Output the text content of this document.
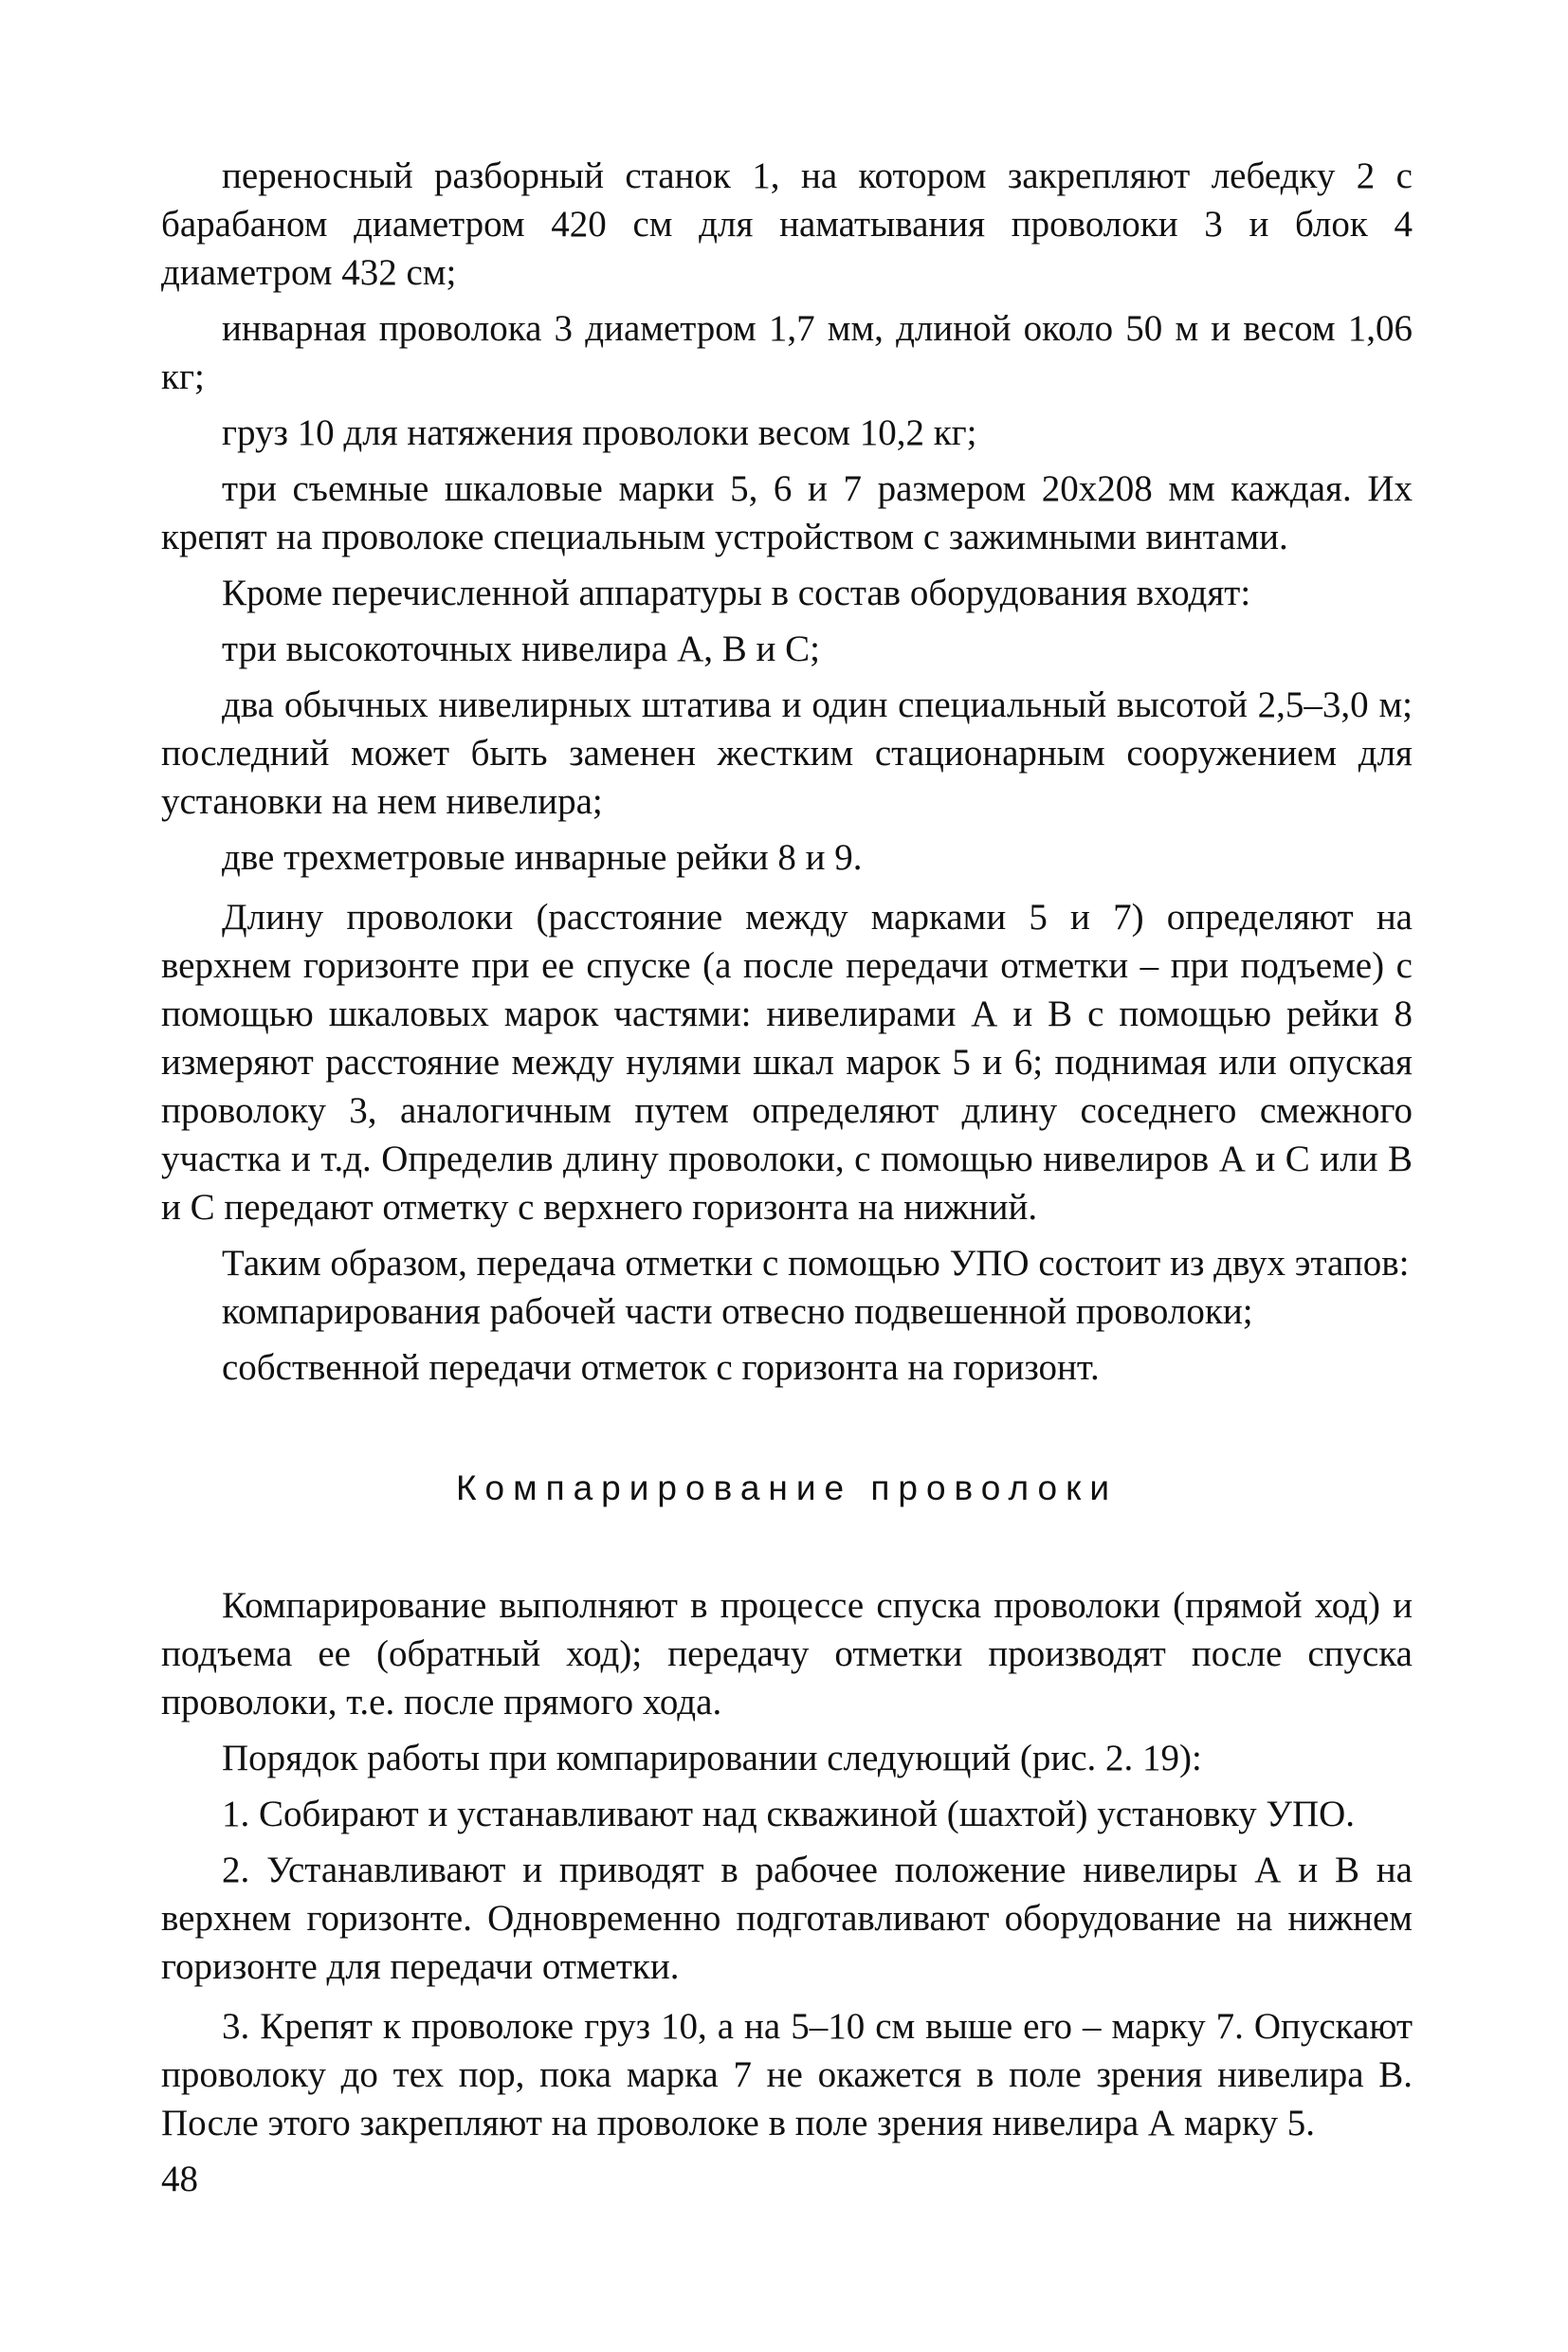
переносный разборный станок 1, на котором закрепляют лебедку 2 с барабаном диаметром 420 см для наматывания проволоки 3 и блок 4 диаметром 432 см;

инварная проволока 3 диаметром 1,7 мм, длиной около 50 м и весом 1,06 кг;

груз 10 для натяжения проволоки весом 10,2 кг;

три съемные шкаловые марки 5, 6 и 7 размером 20х208 мм каждая. Их крепят на проволоке специальным устройством с зажимными винтами.

Кроме перечисленной аппаратуры в состав оборудования входят:

три высокоточных нивелира А, В и С;

два обычных нивелирных штатива и один специальный высотой 2,5–3,0 м; последний может быть заменен жестким стационарным сооружением для установки на нем нивелира;

две трехметровые инварные рейки 8 и 9.

Длину проволоки (расстояние между марками 5 и 7) определяют на верхнем горизонте при ее спуске (а после передачи отметки – при подъеме) с помощью шкаловых марок частями: нивелирами А и В с помощью рейки 8 измеряют расстояние между нулями шкал марок 5 и 6; поднимая или опуская проволоку 3, аналогичным путем определяют длину соседнего смежного участка и т.д. Определив длину проволоки, с помощью нивелиров А и С или В и С передают отметку с верхнего горизонта на нижний.

Таким образом, передача отметки с помощью УПО состоит из двух этапов:

компарирования рабочей части отвесно подвешенной проволоки;

собственной передачи отметок с горизонта на горизонт.

Компарирование проволоки

Компарирование выполняют в процессе спуска проволоки (прямой ход) и подъема ее (обратный ход); передачу отметки производят после спуска проволоки, т.е. после прямого хода.

Порядок работы при компарировании следующий (рис. 2. 19):

1. Собирают и устанавливают над скважиной (шахтой) установку УПО.

2. Устанавливают и приводят в рабочее положение нивелиры А и В на верхнем горизонте. Одновременно подготавливают оборудование на нижнем горизонте для передачи отметки.

3. Крепят к проволоке груз 10, а на 5–10 см выше его – марку 7. Опускают проволоку до тех пор, пока марка 7 не окажется в поле зрения нивелира В. После этого закрепляют на проволоке в поле зрения нивелира А марку 5.

48
